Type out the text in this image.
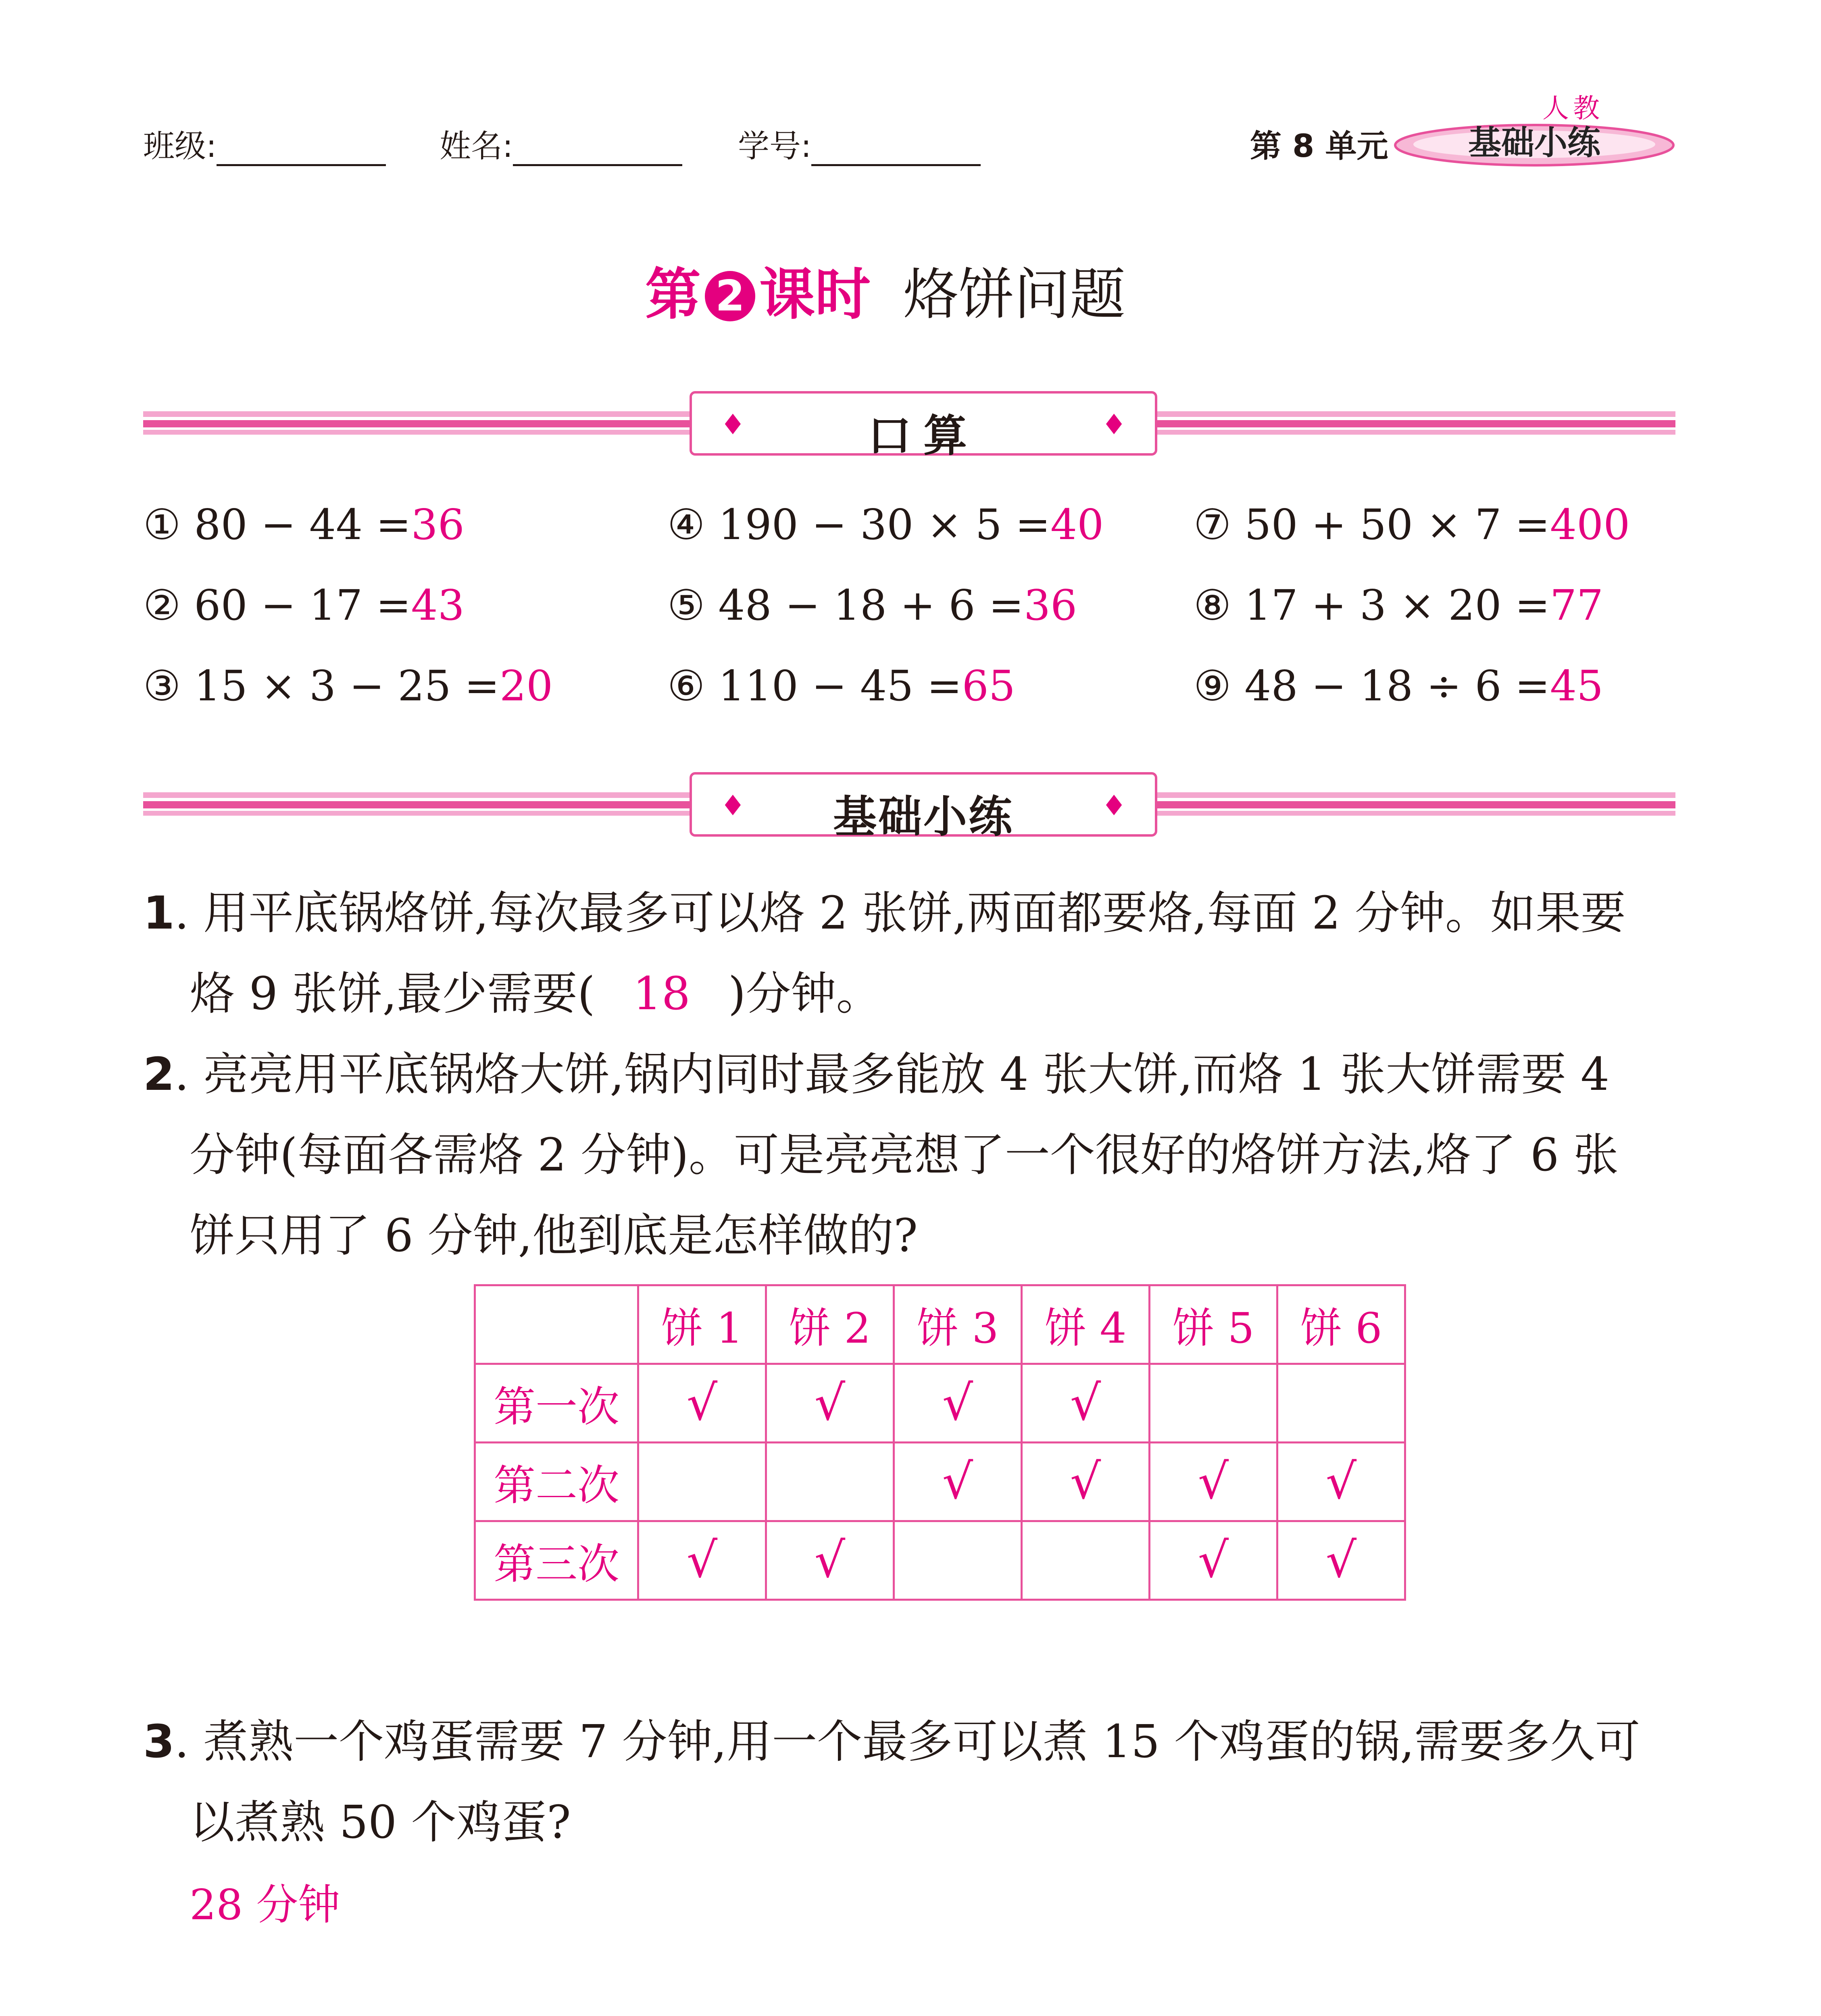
班级:	姓名:	学号:	第 8 单元
人教
基础小练
第 2 课时 烙饼问题
♦	口算	♦
① 80 − 44 =36	④ 190 − 30 × 5 =40 ⑦ 50 + 50 × 7 =400
② 60 − 17 =43	⑤ 48 − 18 + 6 =36	⑧ 17 + 3 × 20 =77
③ 15 × 3 − 25 =20	⑥ 110 − 45 =65	⑨ 48 − 18 ÷ 6 =45
♦	基础小练	♦
1. 用平底锅烙饼,每次最多可以烙 2 张饼,两面都要烙,每面 2 分钟。如果要
烙 9 张饼,最少需要( 18 )分钟。
2. 亮亮用平底锅烙大饼,锅内同时最多能放 4 张大饼,而烙 1 张大饼需要 4
分钟(每面各需烙 2 分钟)。可是亮亮想了一个很好的烙饼方法,烙了 6 张
饼只用了 6 分钟,他到底是怎样做的?
	饼 1	饼 2	饼 3	饼 4	饼 5	饼 6
第一次	√	√	√	√		
第二次			√	√	√	√
第三次	√	√			√	√
3. 煮熟一个鸡蛋需要 7 分钟,用一个最多可以煮 15 个鸡蛋的锅,需要多久可
以煮熟 50 个鸡蛋?
28 分钟
